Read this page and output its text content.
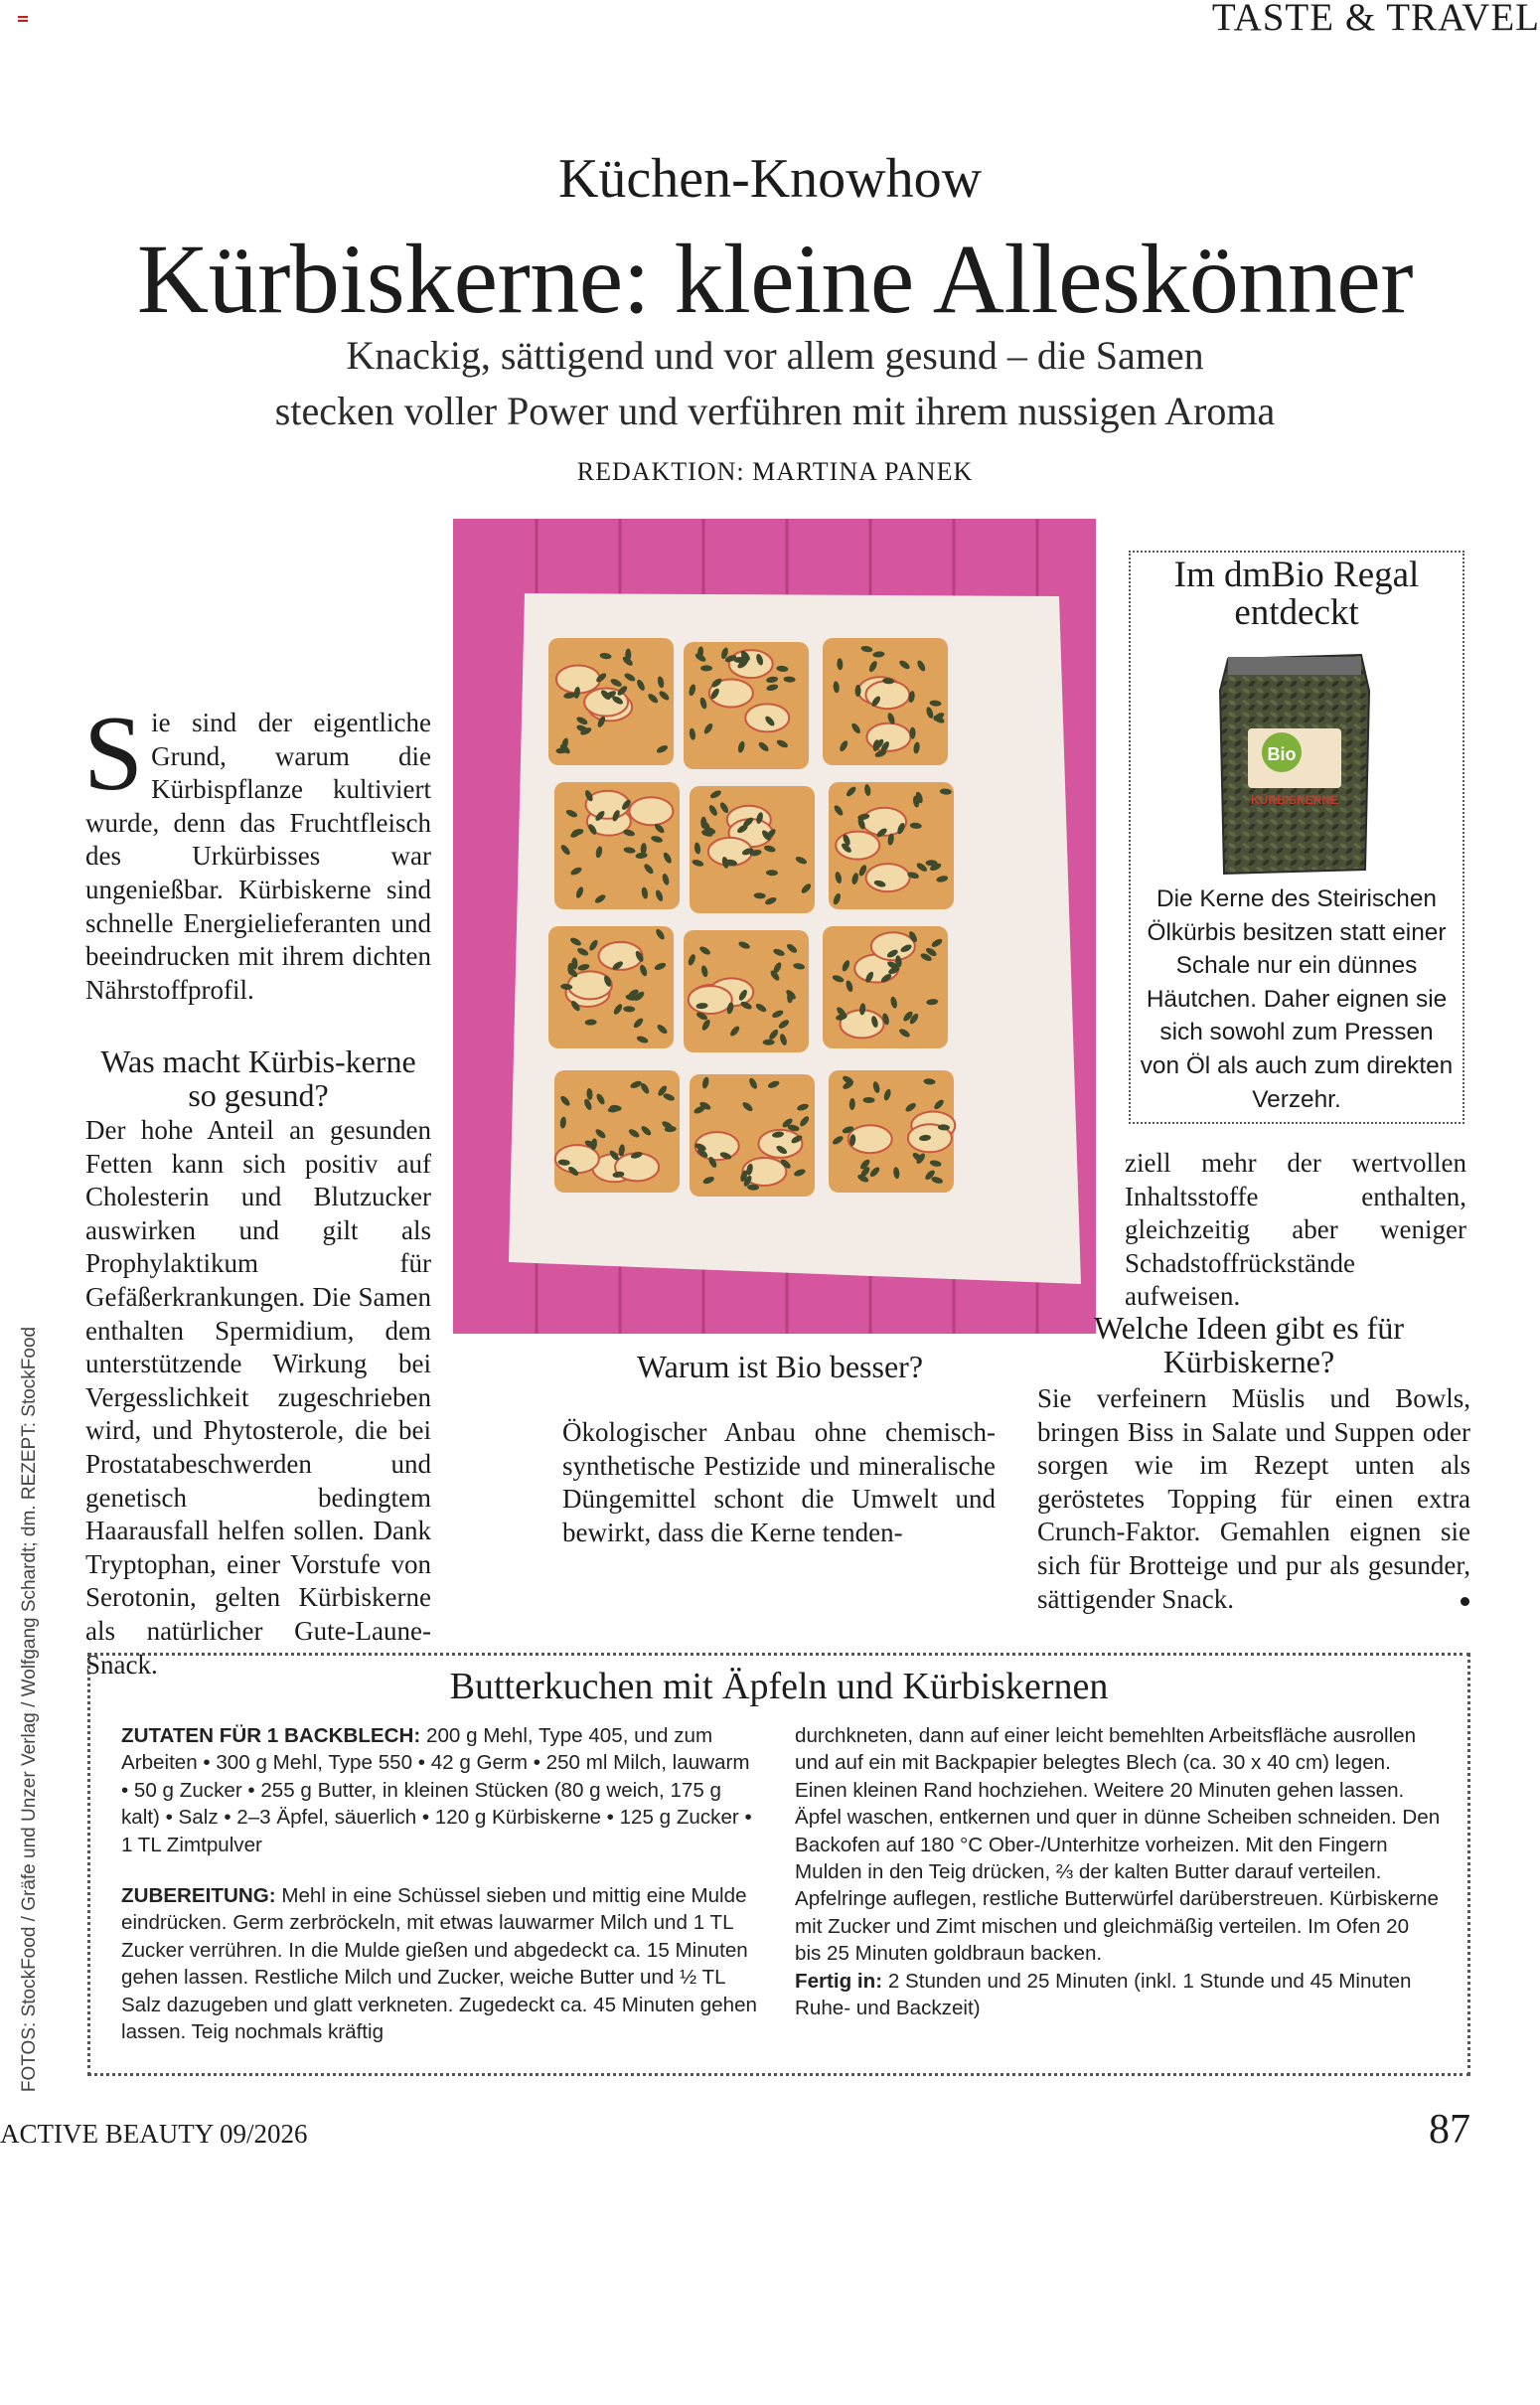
TASTE & TRAVEL
Küchen-Knowhow
Kürbiskerne: kleine Alleskönner
Knackig, sättigend und vor allem gesund – die Samen
stecken voller Power und verführen mit ihrem nussigen Aroma
REDAKTION: MARTINA PANEK
Sie sind der eigentliche Grund, warum die Kürbispflanze kultiviert wurde, denn das Fruchtfleisch des Urkürbisses war ungenießbar. Kürbiskerne sind schnelle Energielieferanten und beeindrucken mit ihrem dichten Nährstoffprofil.
Was macht Kürbis-kerne so gesund?
Der hohe Anteil an gesunden Fetten kann sich positiv auf Cholesterin und Blutzucker auswirken und gilt als Prophylaktikum für Gefäßerkrankungen. Die Samen enthalten Spermidium, dem unterstützende Wirkung bei Vergesslichkeit zugeschrieben wird, und Phytosterole, die bei Prostatabeschwerden und genetisch bedingtem Haarausfall helfen sollen. Dank Tryptophan, einer Vorstufe von Serotonin, gelten Kürbiskerne als natürlicher Gute-Laune-Snack.
Warum ist Bio besser?
Ökologischer Anbau ohne chemisch-synthetische Pestizide und mineralische Düngemittel schont die Umwelt und bewirkt, dass die Kerne tenden-
Im dmBio Regal entdeckt
Bio
KÜRBISKERNE
Die Kerne des Steirischen Ölkürbis besitzen statt einer Schale nur ein dünnes Häutchen. Daher eignen sie sich sowohl zum Pressen von Öl als auch zum direkten Verzehr.
ziell mehr der wertvollen Inhaltsstoffe enthalten, gleichzeitig aber weniger Schadstoffrückstände aufweisen.
Welche Ideen gibt es für Kürbiskerne?
Sie verfeinern Müslis und Bowls, bringen Biss in Salate und Suppen oder sorgen wie im Rezept unten als geröstetes Topping für einen extra Crunch-Faktor. Gemahlen eignen sie sich für Brotteige und pur als gesunder, sättigender Snack.
Butterkuchen mit Äpfeln und Kürbiskernen

ZUTATEN FÜR 1 BACKBLECH: 200 g Mehl, Type 405, und zum Arbeiten • 300 g Mehl, Type 550 • 42 g Germ • 250 ml Milch, lauwarm • 50 g Zucker • 255 g Butter, in kleinen Stücken (80 g weich, 175 g kalt) • Salz • 2–3 Äpfel, säuerlich • 120 g Kürbiskerne • 125 g Zucker • 1 TL Zimtpulver

ZUBEREITUNG: Mehl in eine Schüssel sieben und mittig eine Mulde eindrücken. Germ zerbröckeln, mit etwas lauwarmer Milch und 1 TL Zucker verrühren. In die Mulde gießen und abgedeckt ca. 15 Minuten gehen lassen. Restliche Milch und Zucker, weiche Butter und ½ TL Salz dazugeben und glatt verkneten. Zugedeckt ca. 45 Minuten gehen lassen. Teig nochmals kräftig

durchkneten, dann auf einer leicht bemehlten Arbeitsfläche ausrollen und auf ein mit Backpapier belegtes Blech (ca. 30 x 40 cm) legen. Einen kleinen Rand hochziehen. Weitere 20 Minuten gehen lassen. Äpfel waschen, entkernen und quer in dünne Scheiben schneiden. Den Backofen auf 180 °C Ober-/Unterhitze vorheizen. Mit den Fingern Mulden in den Teig drücken, ⅔ der kalten Butter darauf verteilen. Apfelringe auflegen, restliche Butterwürfel darüberstreuen. Kürbiskerne mit Zucker und Zimt mischen und gleichmäßig verteilen. Im Ofen 20 bis 25 Minuten goldbraun backen.

Fertig in: 2 Stunden und 25 Minuten (inkl. 1 Stunde und 45 Minuten Ruhe- und Backzeit)

FOTOS: StockFood / Gräfe und Unzer Verlag / Wolfgang Schardt; dm. REZEPT: StockFood
ACTIVE BEAUTY 09/2026	87
